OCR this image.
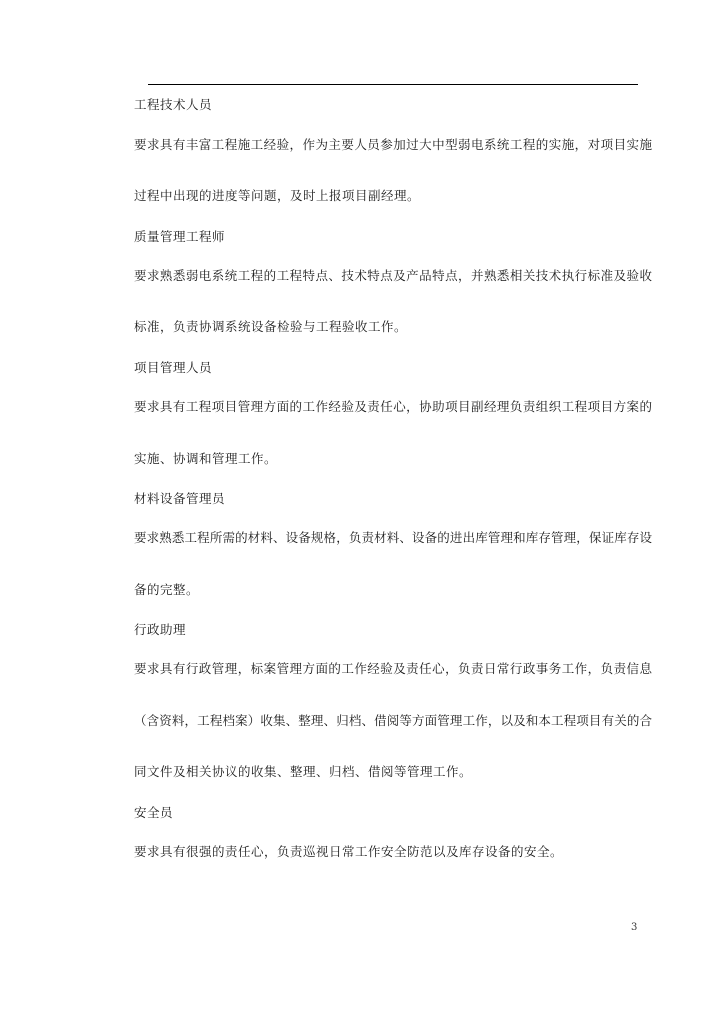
工程技术人员
要求具有丰富工程施工经验，作为主要人员参加过大中型弱电系统工程的实施，对项目实施
过程中出现的进度等问题，及时上报项目副经理。
质量管理工程师
要求熟悉弱电系统工程的工程特点、技术特点及产品特点，并熟悉相关技术执行标准及验收
标准，负责协调系统设备检验与工程验收工作。
项目管理人员
要求具有工程项目管理方面的工作经验及责任心，协助项目副经理负责组织工程项目方案的
实施、协调和管理工作。
材料设备管理员
要求熟悉工程所需的材料、设备规格，负责材料、设备的进出库管理和库存管理，保证库存设
备的完整。
行政助理
要求具有行政管理，标案管理方面的工作经验及责任心，负责日常行政事务工作，负责信息
（含资料，工程档案）收集、整理、归档、借阅等方面管理工作，以及和本工程项目有关的合
同文件及相关协议的收集、整理、归档、借阅等管理工作。
安全员
要求具有很强的责任心，负责巡视日常工作安全防范以及库存设备的安全。
3
